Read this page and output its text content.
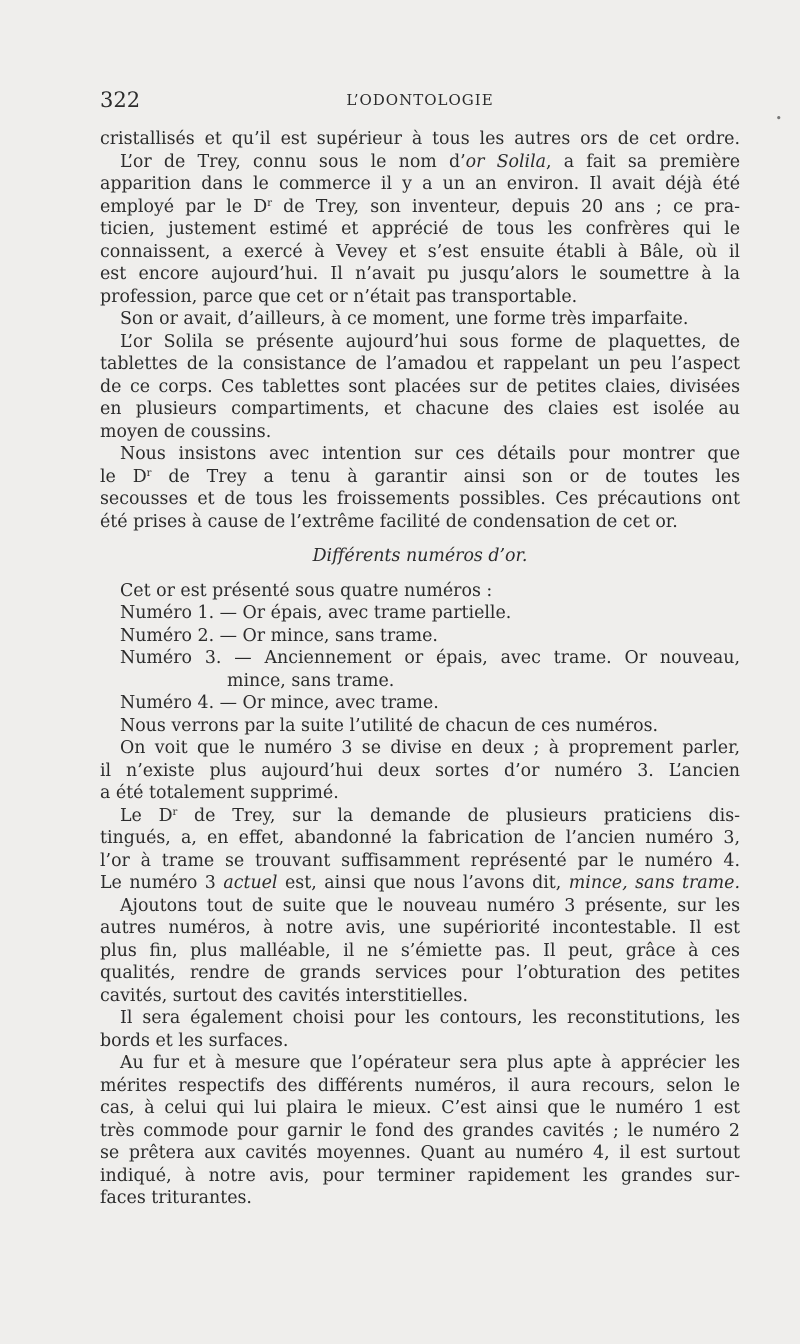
322	L’ODONTOLOGIE
•
cristallisés et qu’il est supérieur à tous les autres ors de cet ordre.
L’or de Trey, connu sous le nom d’or Solila, a fait sa première
apparition dans le commerce il y a un an environ. Il avait déjà été
employé par le $D^r$ de Trey, son inventeur, depuis 20 ans ; ce pra-
ticien, justement estimé et apprécié de tous les confrères qui le
connaissent, a exercé à Vevey et s’est ensuite établi à Bâle, où il
est encore aujourd’hui. Il n’avait pu jusqu’alors le soumettre à la
profession, parce que cet or n’était pas transportable.
Son or avait, d’ailleurs, à ce moment, une forme très imparfaite.
L’or Solila se présente aujourd’hui sous forme de plaquettes, de
tablettes de la consistance de l’amadou et rappelant un peu l’aspect
de ce corps. Ces tablettes sont placées sur de petites claies, divisées
en plusieurs compartiments, et chacune des claies est isolée au
moyen de coussins.
Nous insistons avec intention sur ces détails pour montrer que
le $D^r$ de Trey a tenu à garantir ainsi son or de toutes les
secousses et de tous les froissements possibles. Ces précautions ont
été prises à cause de l’extrême facilité de condensation de cet or.
Différents numéros d’or.
Cet or est présenté sous quatre numéros :
Numéro 1. — Or épais, avec trame partielle.
Numéro 2. — Or mince, sans trame.
Numéro 3. — Anciennement or épais, avec trame. Or nouveau,
mince, sans trame.
Numéro 4. — Or mince, avec trame.
Nous verrons par la suite l’utilité de chacun de ces numéros.
On voit que le numéro 3 se divise en deux ; à proprement parler,
il n’existe plus aujourd’hui deux sortes d’or numéro 3. L’ancien
a été totalement supprimé.
Le $D^r$ de Trey, sur la demande de plusieurs praticiens dis-
tingués, a, en effet, abandonné la fabrication de l’ancien numéro 3,
l’or à trame se trouvant suffisamment représenté par le numéro 4.
Le numéro 3 actuel est, ainsi que nous l’avons dit, mince, sans trame.
Ajoutons tout de suite que le nouveau numéro 3 présente, sur les
autres numéros, à notre avis, une supériorité incontestable. Il est
plus fin, plus malléable, il ne s’émiette pas. Il peut, grâce à ces
qualités, rendre de grands services pour l’obturation des petites
cavités, surtout des cavités interstitielles.
Il sera également choisi pour les contours, les reconstitutions, les
bords et les surfaces.
Au fur et à mesure que l’opérateur sera plus apte à apprécier les
mérites respectifs des différents numéros, il aura recours, selon le
cas, à celui qui lui plaira le mieux. C’est ainsi que le numéro 1 est
très commode pour garnir le fond des grandes cavités ; le numéro 2
se prêtera aux cavités moyennes. Quant au numéro 4, il est surtout
indiqué, à notre avis, pour terminer rapidement les grandes sur-
faces triturantes.
